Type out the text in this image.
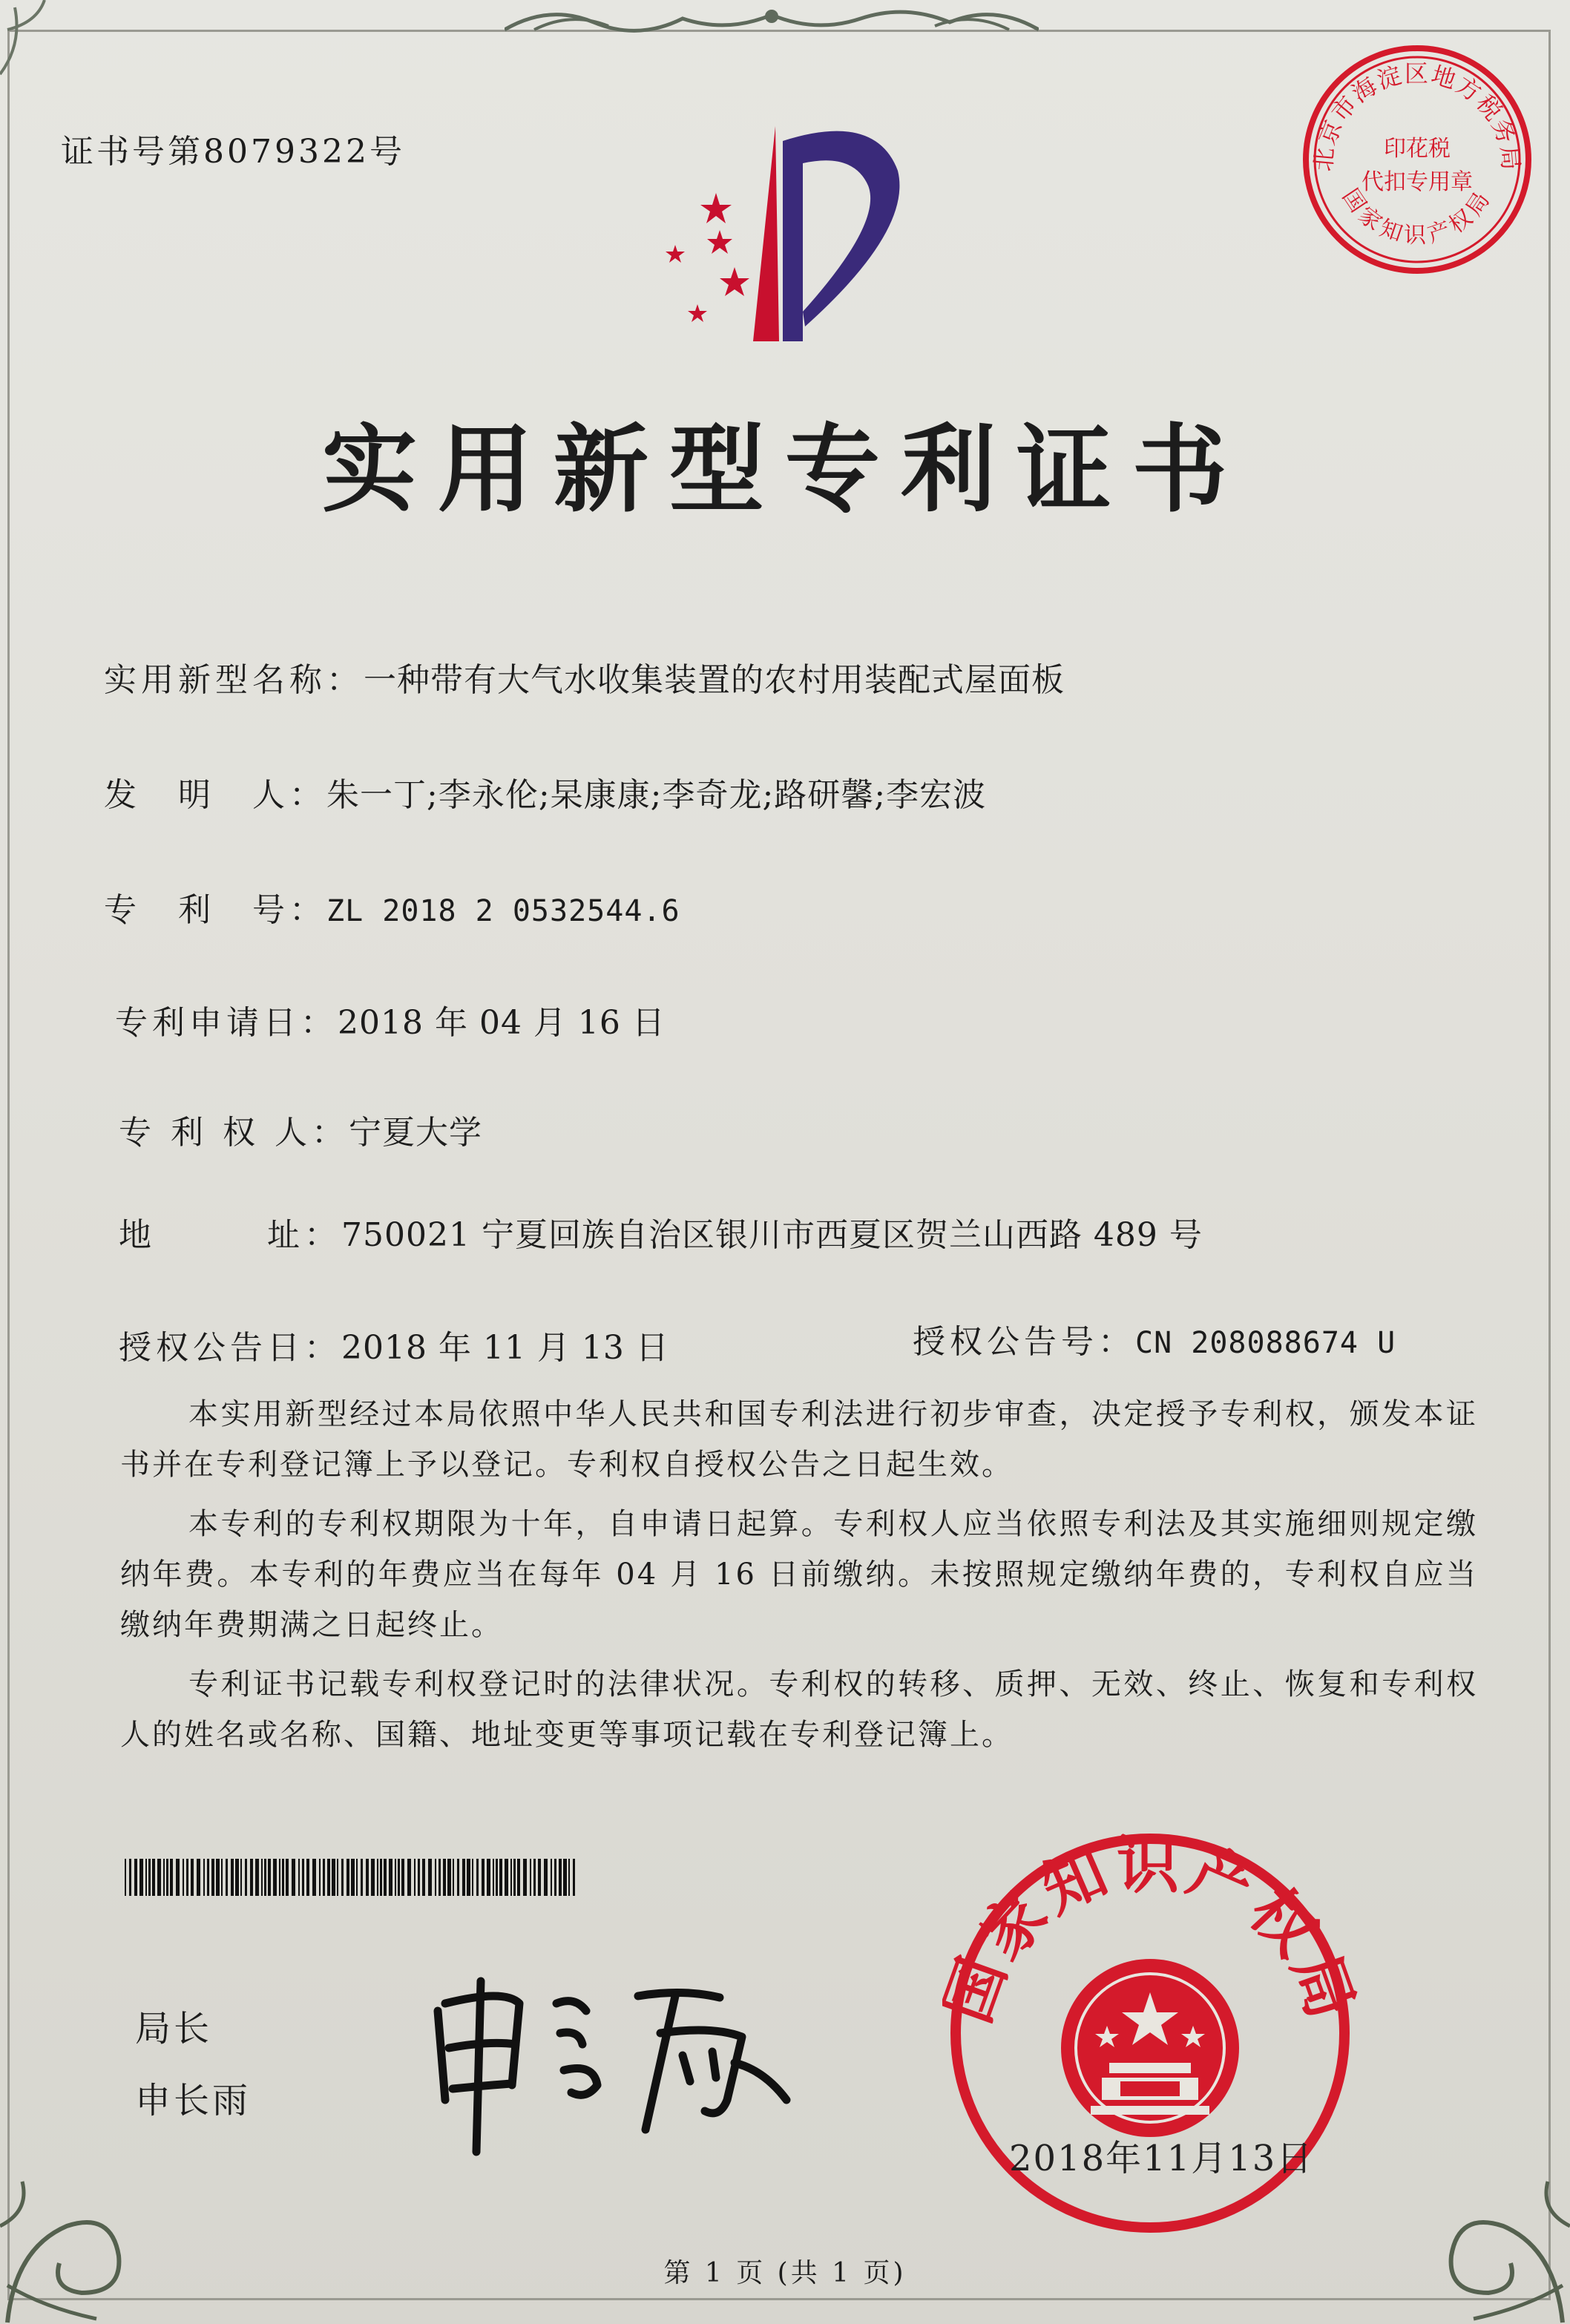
证书号第8079322号	北京市海淀区地方税务局
国家知识产权局
印花税
代扣专用章
实用新型专利证书
实用新型名称：一种带有大气水收集装置的农村用装配式屋面板
发　明　人：朱一丁;李永伦;杲康康;李奇龙;路研馨;李宏波
专　利　号：ZL 2018 2 0532544.6
专利申请日：2018 年 04 月 16 日
专 利 权 人：宁夏大学
地　　　址：750021 宁夏回族自治区银川市西夏区贺兰山西路 489 号
授权公告日：2018 年 11 月 13 日	授权公告号：CN 208088674 U
本实用新型经过本局依照中华人民共和国专利法进行初步审查，决定授予专利权，颁发本证书并在专利登记簿上予以登记。专利权自授权公告之日起生效。
本专利的专利权期限为十年，自申请日起算。专利权人应当依照专利法及其实施细则规定缴纳年费。本专利的年费应当在每年 04 月 16 日前缴纳。未按照规定缴纳年费的，专利权自应当缴纳年费期满之日起终止。
专利证书记载专利权登记时的法律状况。专利权的转移、质押、无效、终止、恢复和专利权人的姓名或名称、国籍、地址变更等事项记载在专利登记簿上。
局长
申长雨
家知识产权
2018年11月13日
第 1 页 (共 1 页)
